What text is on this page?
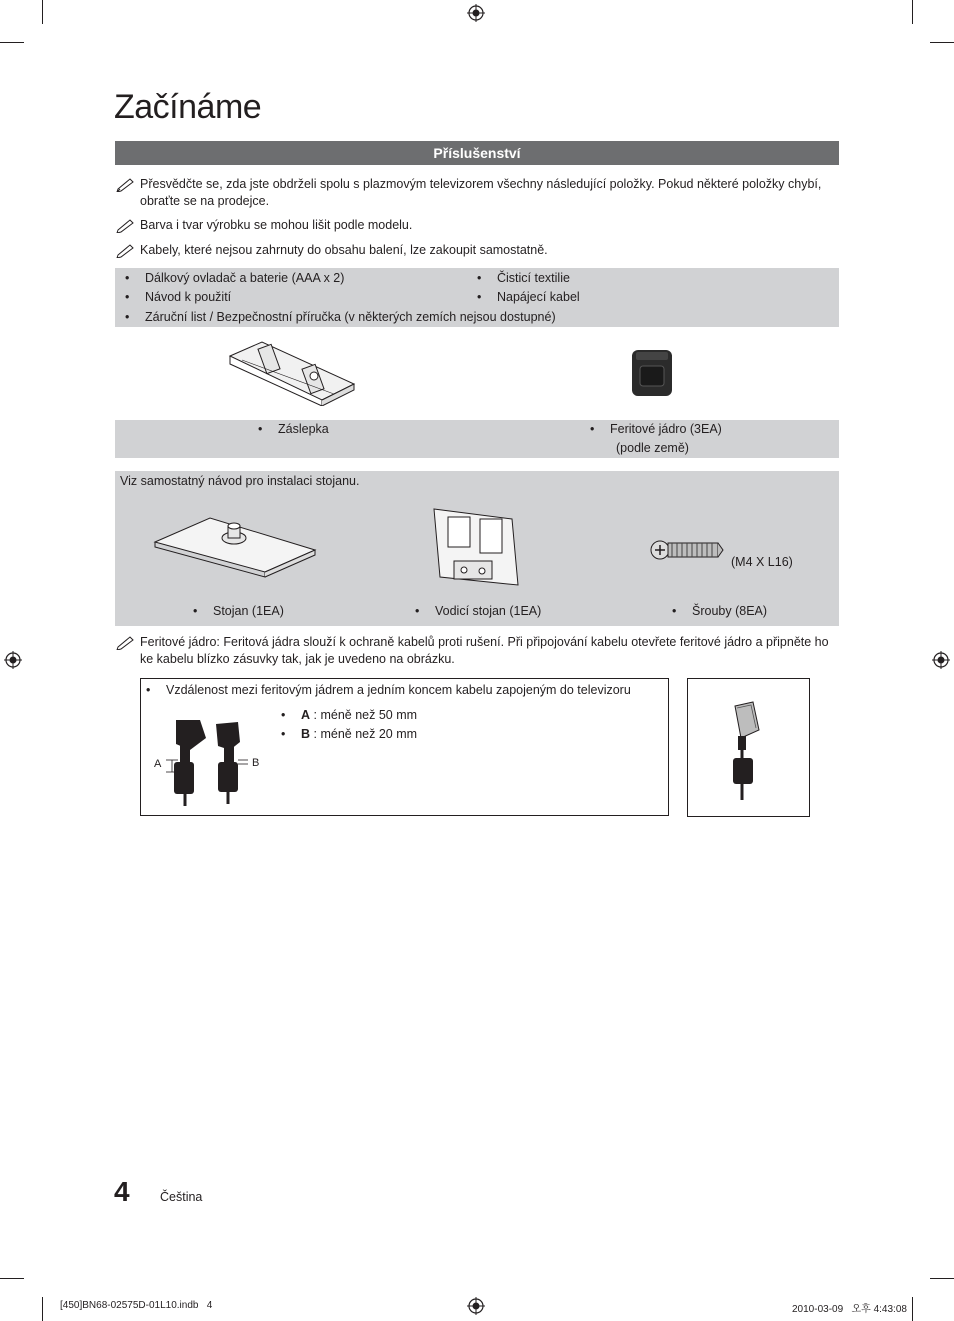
Začínáme
Příslušenství
Přesvědčte se, zda jste obdrželi spolu s plazmovým televizorem všechny následující položky. Pokud některé položky chybí, obraťte se na prodejce.
Barva i tvar výrobku se mohou lišit podle modelu.
Kabely, které nejsou zahrnuty do obsahu balení, lze zakoupit samostatně.
• Dálkový ovladač a baterie (AAA x 2)
• Návod k použití
• Čisticí textilie
• Napájecí kabel
• Záruční list / Bezpečnostní příručka (v některých zemích nejsou dostupné)
• Záslepka	• Feritové jádro (3EA)
(podle země)
Viz samostatný návod pro instalaci stojanu.
(M4 X L16)
• Stojan (1EA)	• Vodicí stojan (1EA)	• Šrouby (8EA)
Feritové jádro: Feritová jádra slouží k ochraně kabelů proti rušení. Při připojování kabelu otevřete feritové jádro a připněte ho ke kabelu blízko zásuvky tak, jak je uvedeno na obrázku.
• Vzdálenost mezi feritovým jádrem a jedním koncem kabelu zapojeným do televizoru
A	B
• A : méně než 50 mm
• B : méně než 20 mm
4 Čeština
[450]BN68-02575D-01L10.indb   4	2010-03-09   오후 4:43:08
